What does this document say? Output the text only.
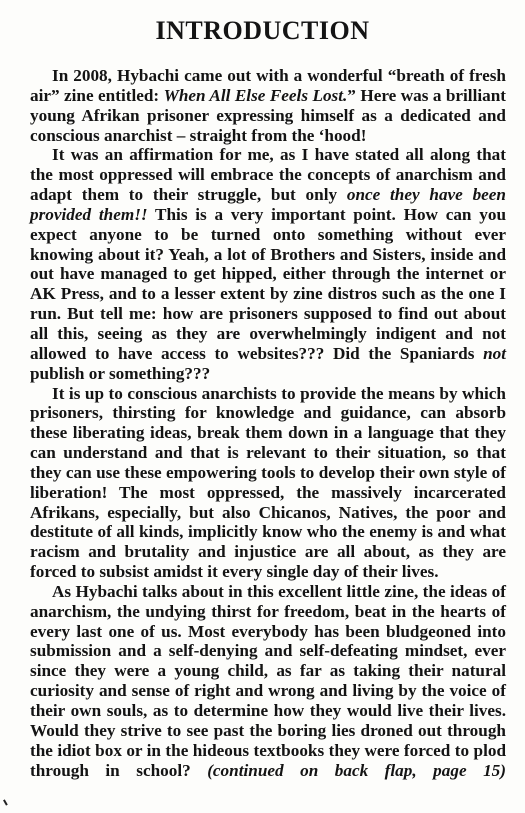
INTRODUCTION

In 2008, Hybachi came out with a wonderful “breath of fresh air” zine entitled: When All Else Feels Lost.” Here was a brilliant young Afrikan prisoner expressing himself as a dedicated and conscious anarchist – straight from the ‘hood!

It was an affirmation for me, as I have stated all along that the most oppressed will embrace the concepts of anarchism and adapt them to their struggle, but only once they have been provided them!! This is a very important point. How can you expect anyone to be turned onto something without ever knowing about it? Yeah, a lot of Brothers and Sisters, inside and out have managed to get hipped, either through the internet or AK Press, and to a lesser extent by zine distros such as the one I run. But tell me: how are prisoners supposed to find out about all this, seeing as they are overwhelmingly indigent and not allowed to have access to websites??? Did the Spaniards not publish or something???

It is up to conscious anarchists to provide the means by which prisoners, thirsting for knowledge and guidance, can absorb these liberating ideas, break them down in a language that they can understand and that is relevant to their situation, so that they can use these empowering tools to develop their own style of liberation! The most oppressed, the massively incarcerated Afrikans, especially, but also Chicanos, Natives, the poor and destitute of all kinds, implicitly know who the enemy is and what racism and brutality and injustice are all about, as they are forced to subsist amidst it every single day of their lives.

As Hybachi talks about in this excellent little zine, the ideas of anarchism, the undying thirst for freedom, beat in the hearts of every last one of us. Most everybody has been bludgeoned into submission and a self-denying and self-defeating mindset, ever since they were a young child, as far as taking their natural curiosity and sense of right and wrong and living by the voice of their own souls, as to determine how they would live their lives. Would they strive to see past the boring lies droned out through the idiot box or in the hideous textbooks they were forced to plod through in school? (continued on back flap, page 15)
